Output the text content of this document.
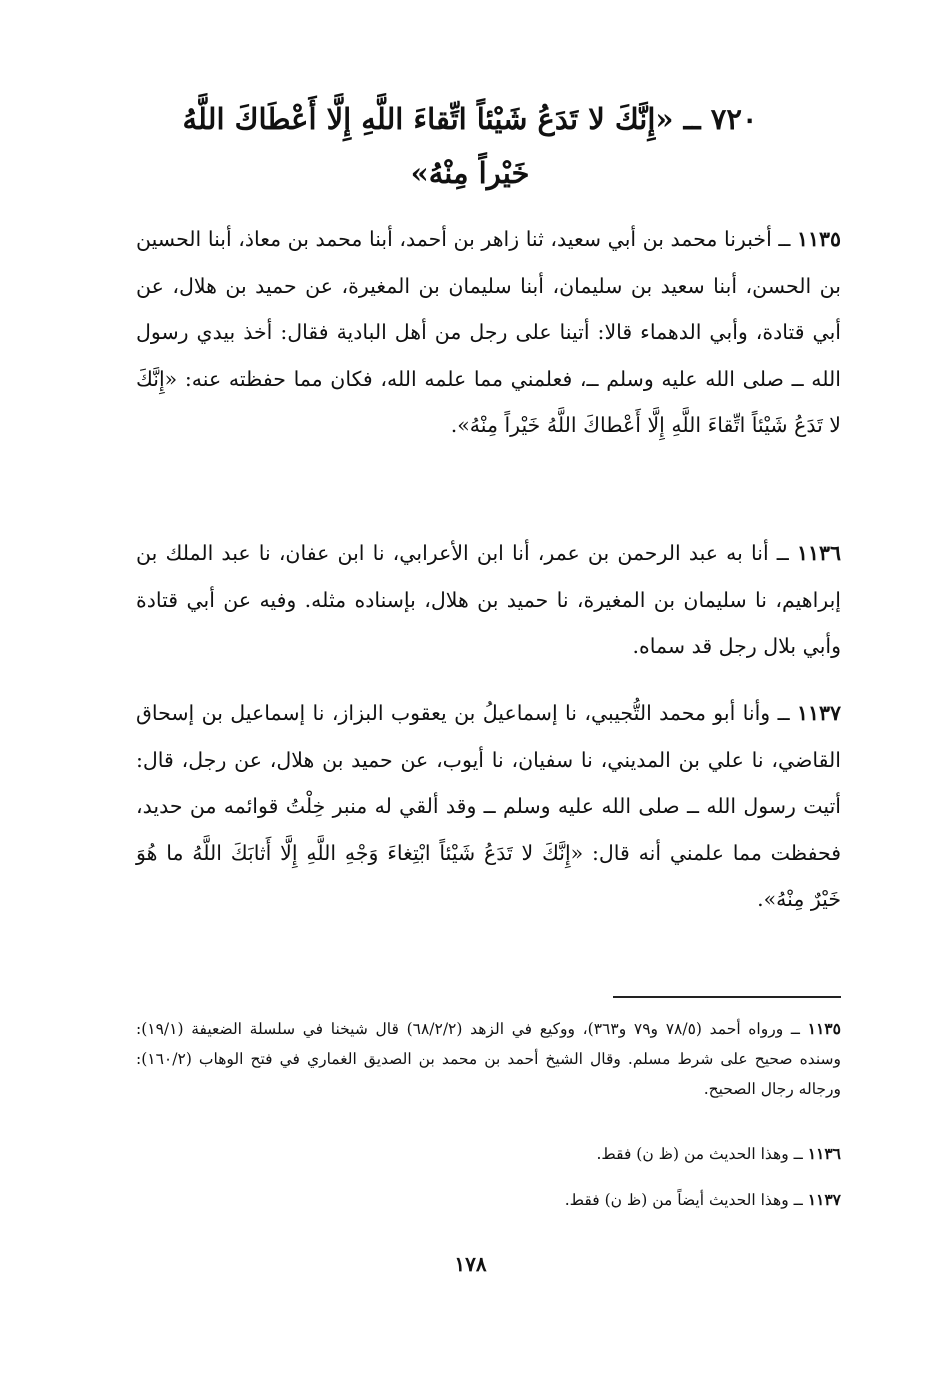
٧٢٠ ــ «إِنَّكَ لا تَدَعُ شَيْئاً اتِّقاءَ اللَّهِ إِلَّا أَعْطَاكَ اللَّهُ خَيْراً مِنْهُ»

١١٣٥ ــ أخبرنا محمد بن أبي سعيد، ثنا زاهر بن أحمد، أبنا محمد بن معاذ، أبنا الحسين بن الحسن، أبنا سعيد بن سليمان، أبنا سليمان بن المغيرة، عن حميد بن هلال، عن أبي قتادة، وأبي الدهماء قالا: أتينا على رجل من أهل البادية فقال: أخذ بيدي رسول الله ــ صلى الله عليه وسلم ــ، فعلمني مما علمه الله، فكان مما حفظته عنه: «إِنَّكَ لا تَدَعُ شَيْئاً اتِّقاءَ اللَّهِ إِلَّا أَعْطاكَ اللَّهُ خَيْراً مِنْهُ».

١١٣٦ ــ أنا به عبد الرحمن بن عمر، أنا ابن الأعرابي، نا ابن عفان، نا عبد الملك بن إبراهيم، نا سليمان بن المغيرة، نا حميد بن هلال، بإسناده مثله. وفيه عن أبي قتادة وأبي بلال رجل قد سماه.

١١٣٧ ــ وأنا أبو محمد التُّجيبي، نا إسماعيلُ بن يعقوب البزاز، نا إسماعيل بن إسحاق القاضي، نا علي بن المديني، نا سفيان، نا أيوب، عن حميد بن هلال، عن رجل، قال: أتيت رسول الله ــ صلى الله عليه وسلم ــ وقد ألقي له منبر خِلْتُ قوائمه من حديد، فحفظت مما علمني أنه قال: «إِنَّكَ لا تَدَعُ شَيْئاً ابْتِغاءَ وَجْهِ اللَّهِ إِلَّا أَثابَكَ اللَّهُ ما هُوَ خَيْرٌ مِنْهُ».

١١٣٥ ــ ورواه أحمد (٧٨/٥ و٧٩ و٣٦٣)، ووكيع في الزهد (٦٨/٢/٢) قال شيخنا في سلسلة الضعيفة (١٩/١): وسنده صحيح على شرط مسلم. وقال الشيخ أحمد بن محمد بن الصديق الغماري في فتح الوهاب (١٦٠/٢): ورجاله رجال الصحيح.

١١٣٦ ــ وهذا الحديث من (ظ ن) فقط.

١١٣٧ ــ وهذا الحديث أيضاً من (ظ ن) فقط.

١٧٨
